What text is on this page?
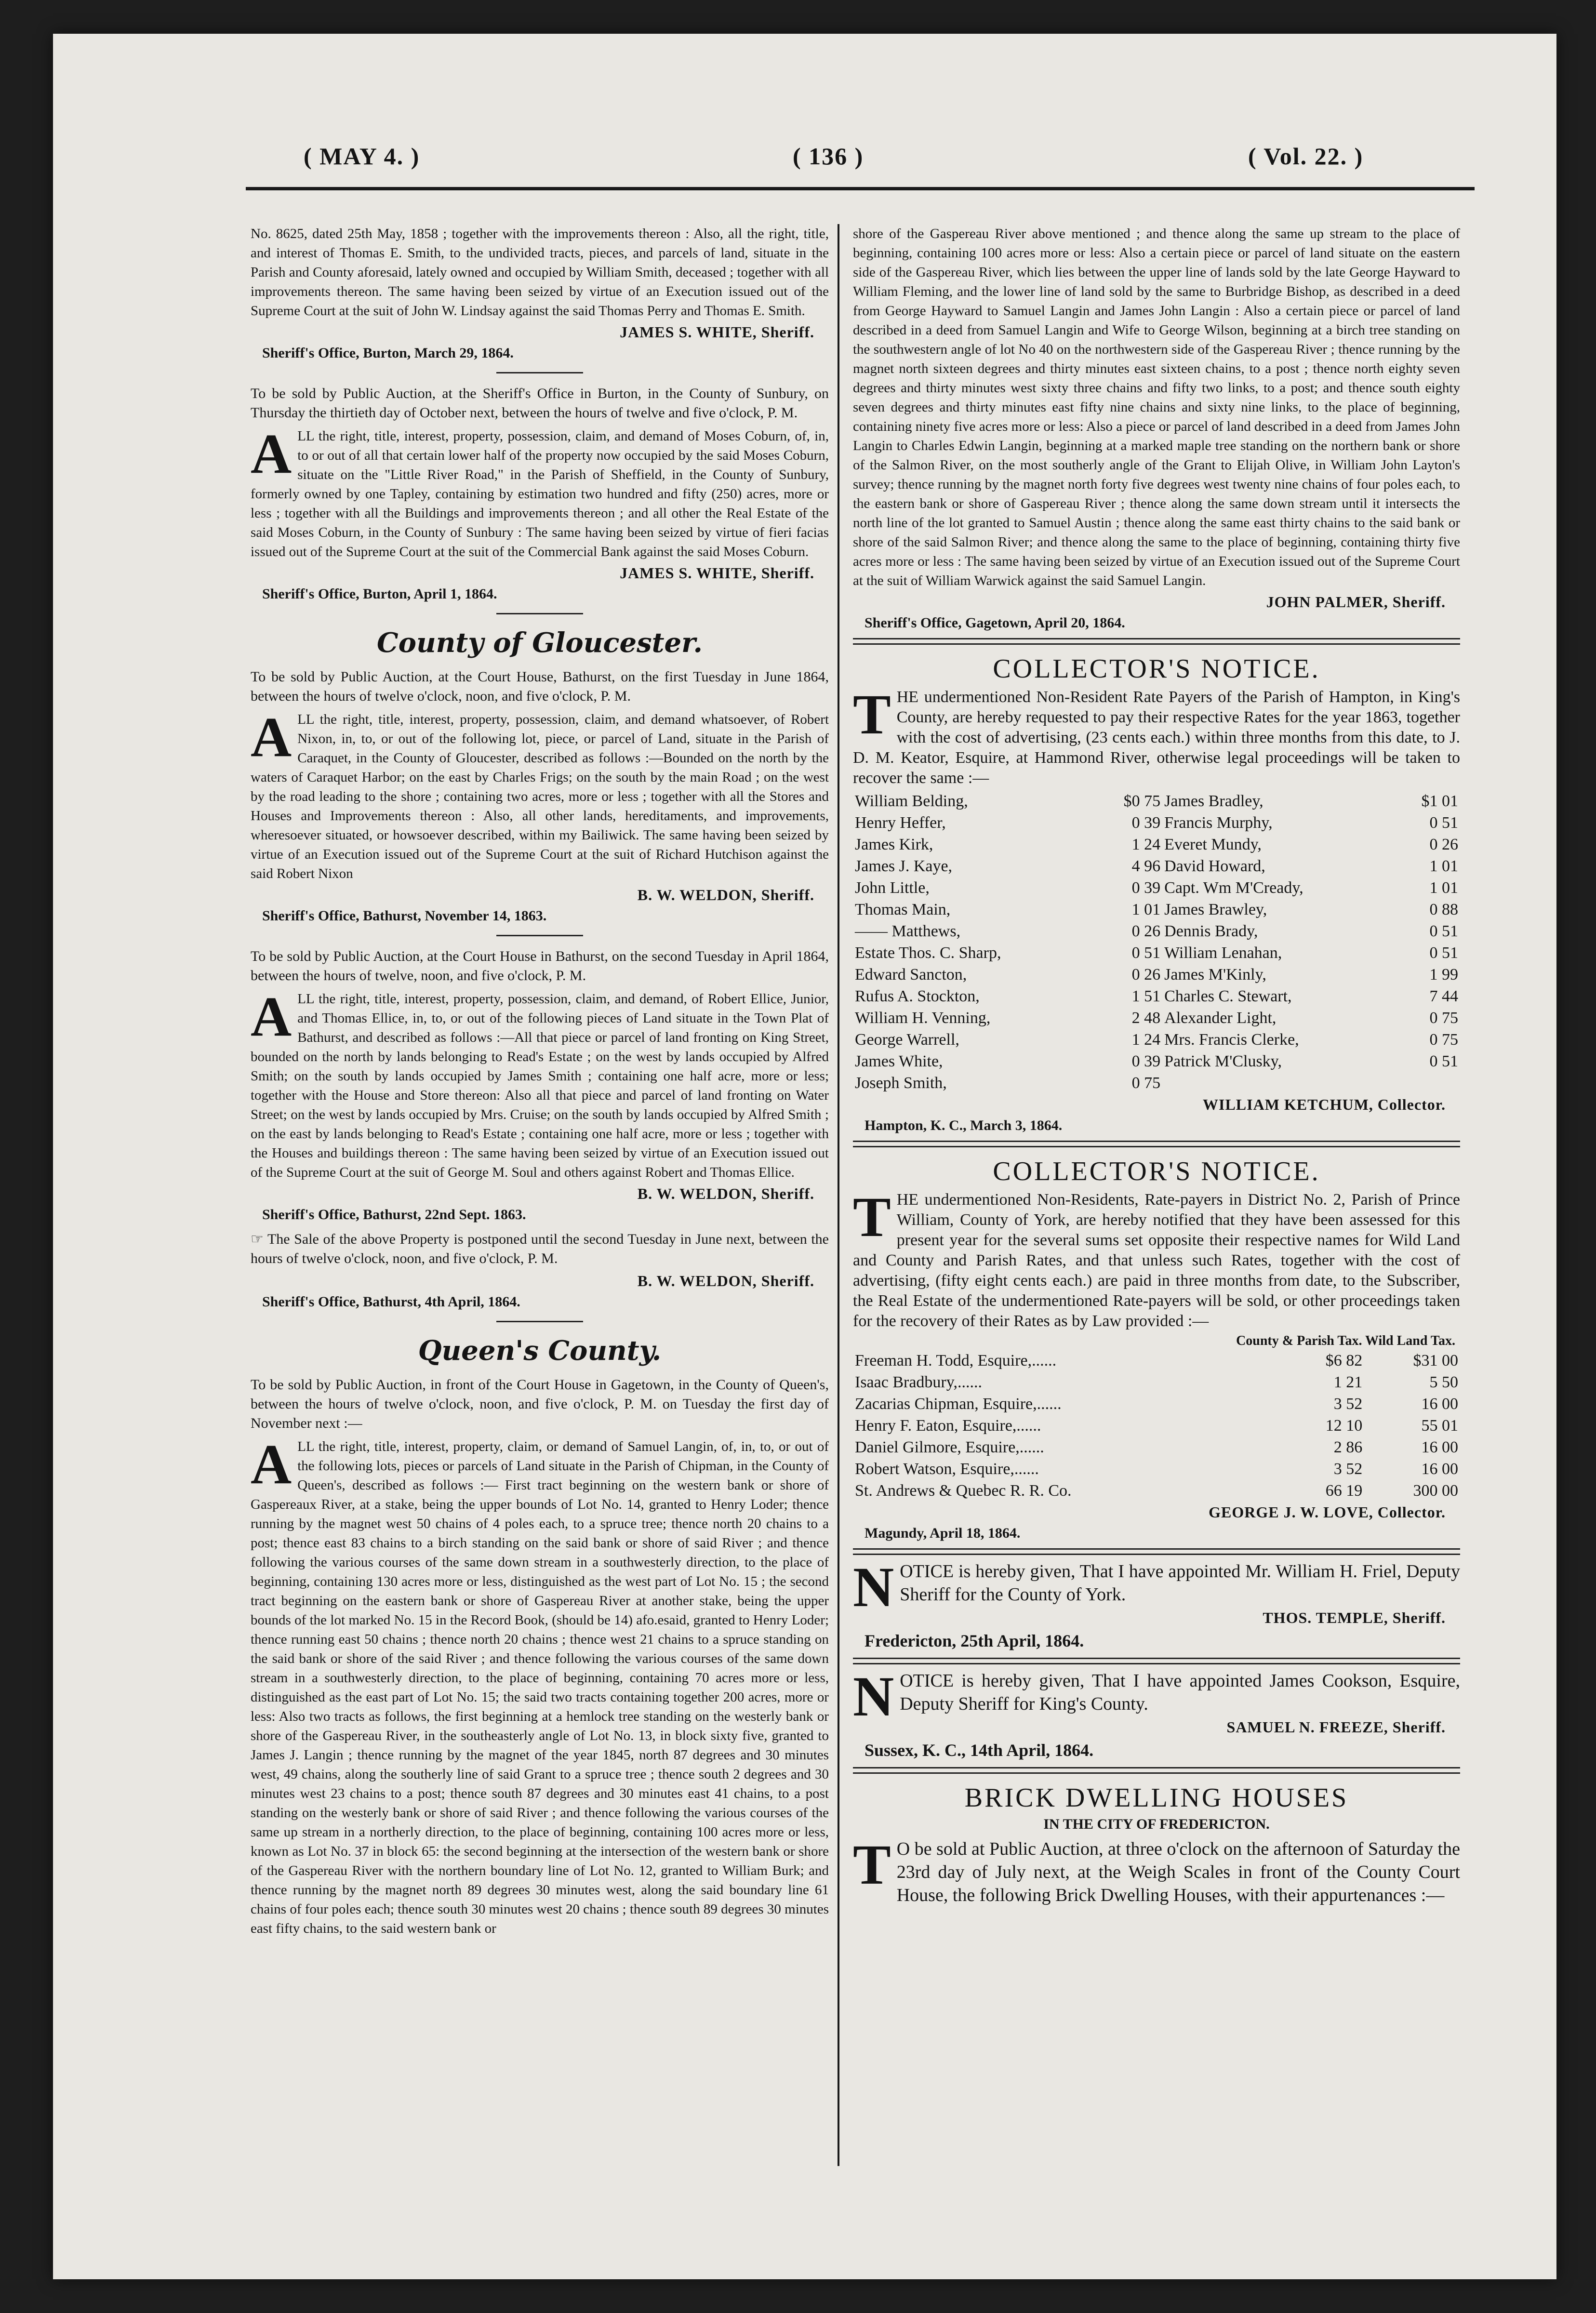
( MAY 4. )	( 136 )	( Vol. 22. )

No. 8625, dated 25th May, 1858 ; together with the improvements thereon : Also, all the right, title, and interest of Thomas E. Smith, to the undivided tracts, pieces, and parcels of land, situate in the Parish and County aforesaid, lately owned and occupied by William Smith, deceased ; together with all improvements thereon. The same having been seized by virtue of an Execution issued out of the Supreme Court at the suit of John W. Lindsay against the said Thomas Perry and Thomas E. Smith.

JAMES S. WHITE, Sheriff.
Sheriff's Office, Burton, March 29, 1864.

To be sold by Public Auction, at the Sheriff's Office in Burton, in the County of Sunbury, on Thursday the thirtieth day of October next, between the hours of twelve and five o'clock, P. M.

ALL the right, title, interest, property, possession, claim, and demand of Moses Coburn, of, in, to or out of all that certain lower half of the property now occupied by the said Moses Coburn, situate on the "Little River Road," in the Parish of Sheffield, in the County of Sunbury, formerly owned by one Tapley, containing by estimation two hundred and fifty (250) acres, more or less ; together with all the Buildings and improvements thereon ; and all other the Real Estate of the said Moses Coburn, in the County of Sunbury : The same having been seized by virtue of fieri facias issued out of the Supreme Court at the suit of the Commercial Bank against the said Moses Coburn.

JAMES S. WHITE, Sheriff.
Sheriff's Office, Burton, April 1, 1864.
County of Gloucester.

To be sold by Public Auction, at the Court House, Bathurst, on the first Tuesday in June 1864, between the hours of twelve o'clock, noon, and five o'clock, P. M.

ALL the right, title, interest, property, possession, claim, and demand whatsoever, of Robert Nixon, in, to, or out of the following lot, piece, or parcel of Land, situate in the Parish of Caraquet, in the County of Gloucester, described as follows :—Bounded on the north by the waters of Caraquet Harbor; on the east by Charles Frigs; on the south by the main Road ; on the west by the road leading to the shore ; containing two acres, more or less ; together with all the Stores and Houses and Improvements thereon : Also, all other lands, hereditaments, and improvements, wheresoever situated, or howsoever described, within my Bailiwick. The same having been seized by virtue of an Execution issued out of the Supreme Court at the suit of Richard Hutchison against the said Robert Nixon

B. W. WELDON, Sheriff.
Sheriff's Office, Bathurst, November 14, 1863.

To be sold by Public Auction, at the Court House in Bathurst, on the second Tuesday in April 1864, between the hours of twelve, noon, and five o'clock, P. M.

ALL the right, title, interest, property, possession, claim, and demand, of Robert Ellice, Junior, and Thomas Ellice, in, to, or out of the following pieces of Land situate in the Town Plat of Bathurst, and described as follows :—All that piece or parcel of land fronting on King Street, bounded on the north by lands belonging to Read's Estate ; on the west by lands occupied by Alfred Smith; on the south by lands occupied by James Smith ; containing one half acre, more or less; together with the House and Store thereon: Also all that piece and parcel of land fronting on Water Street; on the west by lands occupied by Mrs. Cruise; on the south by lands occupied by Alfred Smith ; on the east by lands belonging to Read's Estate ; containing one half acre, more or less ; together with the Houses and buildings thereon : The same having been seized by virtue of an Execution issued out of the Supreme Court at the suit of George M. Soul and others against Robert and Thomas Ellice.

B. W. WELDON, Sheriff.
Sheriff's Office, Bathurst, 22nd Sept. 1863.

☞ The Sale of the above Property is postponed until the second Tuesday in June next, between the hours of twelve o'clock, noon, and five o'clock, P. M.

B. W. WELDON, Sheriff.
Sheriff's Office, Bathurst, 4th April, 1864.
Queen's County.

To be sold by Public Auction, in front of the Court House in Gagetown, in the County of Queen's, between the hours of twelve o'clock, noon, and five o'clock, P. M. on Tuesday the first day of November next :—

ALL the right, title, interest, property, claim, or demand of Samuel Langin, of, in, to, or out of the following lots, pieces or parcels of Land situate in the Parish of Chipman, in the County of Queen's, described as follows :— First tract beginning on the western bank or shore of Gaspereaux River, at a stake, being the upper bounds of Lot No. 14, granted to Henry Loder; thence running by the magnet west 50 chains of 4 poles each, to a spruce tree; thence north 20 chains to a post; thence east 83 chains to a birch standing on the said bank or shore of said River ; and thence following the various courses of the same down stream in a southwesterly direction, to the place of beginning, containing 130 acres more or less, distinguished as the west part of Lot No. 15 ; the second tract beginning on the eastern bank or shore of Gaspereau River at another stake, being the upper bounds of the lot marked No. 15 in the Record Book, (should be 14) afo.esaid, granted to Henry Loder; thence running east 50 chains ; thence north 20 chains ; thence west 21 chains to a spruce standing on the said bank or shore of the said River ; and thence following the various courses of the same down stream in a southwesterly direction, to the place of beginning, containing 70 acres more or less, distinguished as the east part of Lot No. 15; the said two tracts containing together 200 acres, more or less: Also two tracts as follows, the first beginning at a hemlock tree standing on the westerly bank or shore of the Gaspereau River, in the southeasterly angle of Lot No. 13, in block sixty five, granted to James J. Langin ; thence running by the magnet of the year 1845, north 87 degrees and 30 minutes west, 49 chains, along the southerly line of said Grant to a spruce tree ; thence south 2 degrees and 30 minutes west 23 chains to a post; thence south 87 degrees and 30 minutes east 41 chains, to a post standing on the westerly bank or shore of said River ; and thence following the various courses of the same up stream in a northerly direction, to the place of beginning, containing 100 acres more or less, known as Lot No. 37 in block 65: the second beginning at the intersection of the western bank or shore of the Gaspereau River with the northern boundary line of Lot No. 12, granted to William Burk; and thence running by the magnet north 89 degrees 30 minutes west, along the said boundary line 61 chains of four poles each; thence south 30 minutes west 20 chains ; thence south 89 degrees 30 minutes east fifty chains, to the said western bank or

shore of the Gaspereau River above mentioned ; and thence along the same up stream to the place of beginning, containing 100 acres more or less: Also a certain piece or parcel of land situate on the eastern side of the Gaspereau River, which lies between the upper line of lands sold by the late George Hayward to William Fleming, and the lower line of land sold by the same to Burbridge Bishop, as described in a deed from George Hayward to Samuel Langin and James John Langin : Also a certain piece or parcel of land described in a deed from Samuel Langin and Wife to George Wilson, beginning at a birch tree standing on the southwestern angle of lot No 40 on the northwestern side of the Gaspereau River ; thence running by the magnet north sixteen degrees and thirty minutes east sixteen chains, to a post ; thence north eighty seven degrees and thirty minutes west sixty three chains and fifty two links, to a post; and thence south eighty seven degrees and thirty minutes east fifty nine chains and sixty nine links, to the place of beginning, containing ninety five acres more or less: Also a piece or parcel of land described in a deed from James John Langin to Charles Edwin Langin, beginning at a marked maple tree standing on the northern bank or shore of the Salmon River, on the most southerly angle of the Grant to Elijah Olive, in William John Layton's survey; thence running by the magnet north forty five degrees west twenty nine chains of four poles each, to the eastern bank or shore of Gaspereau River ; thence along the same down stream until it intersects the north line of the lot granted to Samuel Austin ; thence along the same east thirty chains to the said bank or shore of the said Salmon River; and thence along the same to the place of beginning, containing thirty five acres more or less : The same having been seized by virtue of an Execution issued out of the Supreme Court at the suit of William Warwick against the said Samuel Langin.

JOHN PALMER, Sheriff.
Sheriff's Office, Gagetown, April 20, 1864.
COLLECTOR'S NOTICE.

THE undermentioned Non-Resident Rate Payers of the Parish of Hampton, in King's County, are hereby requested to pay their respective Rates for the year 1863, together with the cost of advertising, (23 cents each.) within three months from this date, to J. D. M. Keator, Esquire, at Hammond River, otherwise legal proceedings will be taken to recover the same :—

William Belding,	$0 75	James Bradley,	$1 01
Henry Heffer,	0 39	Francis Murphy,	0 51
James Kirk,	1 24	Everet Mundy,	0 26
James J. Kaye,	4 96	David Howard,	1 01
John Little,	0 39	Capt. Wm M'Cready,	1 01
Thomas Main,	1 01	James Brawley,	0 88
—— Matthews,	0 26	Dennis Brady,	0 51
Estate Thos. C. Sharp,	0 51	William Lenahan,	0 51
Edward Sancton,	0 26	James M'Kinly,	1 99
Rufus A. Stockton,	1 51	Charles C. Stewart,	7 44
William H. Venning,	2 48	Alexander Light,	0 75
George Warrell,	1 24	Mrs. Francis Clerke,	0 75
James White,	0 39	Patrick M'Clusky,	0 51
Joseph Smith,	0 75		
WILLIAM KETCHUM, Collector.
Hampton, K. C., March 3, 1864.
COLLECTOR'S NOTICE.

THE undermentioned Non-Residents, Rate-payers in District No. 2, Parish of Prince William, County of York, are hereby notified that they have been assessed for this present year for the several sums set opposite their respective names for Wild Land and County and Parish Rates, and that unless such Rates, together with the cost of advertising, (fifty eight cents each.) are paid in three months from date, to the Subscriber, the Real Estate of the undermentioned Rate-payers will be sold, or other proceedings taken for the recovery of their Rates as by Law provided :—

County & Parish Tax. Wild Land Tax.
Freeman H. Todd, Esquire,......	$6 82	$31 00
Isaac Bradbury,......	1 21	5 50
Zacarias Chipman, Esquire,......	3 52	16 00
Henry F. Eaton, Esquire,......	12 10	55 01
Daniel Gilmore, Esquire,......	2 86	16 00
Robert Watson, Esquire,......	3 52	16 00
St. Andrews & Quebec R. R. Co.	66 19	300 00
GEORGE J. W. LOVE, Collector.
Magundy, April 18, 1864.

NOTICE is hereby given, That I have appointed Mr. William H. Friel, Deputy Sheriff for the County of York.

THOS. TEMPLE, Sheriff.
Fredericton, 25th April, 1864.

NOTICE is hereby given, That I have appointed James Cookson, Esquire, Deputy Sheriff for King's County.

SAMUEL N. FREEZE, Sheriff.
Sussex, K. C., 14th April, 1864.
BRICK DWELLING HOUSES
IN THE CITY OF FREDERICTON.

T O be sold at Public Auction, at three o'clock on the afternoon of Saturday the 23rd day of July next, at the Weigh Scales in front of the County Court House, the following Brick Dwelling Houses, with their appurtenances :—
